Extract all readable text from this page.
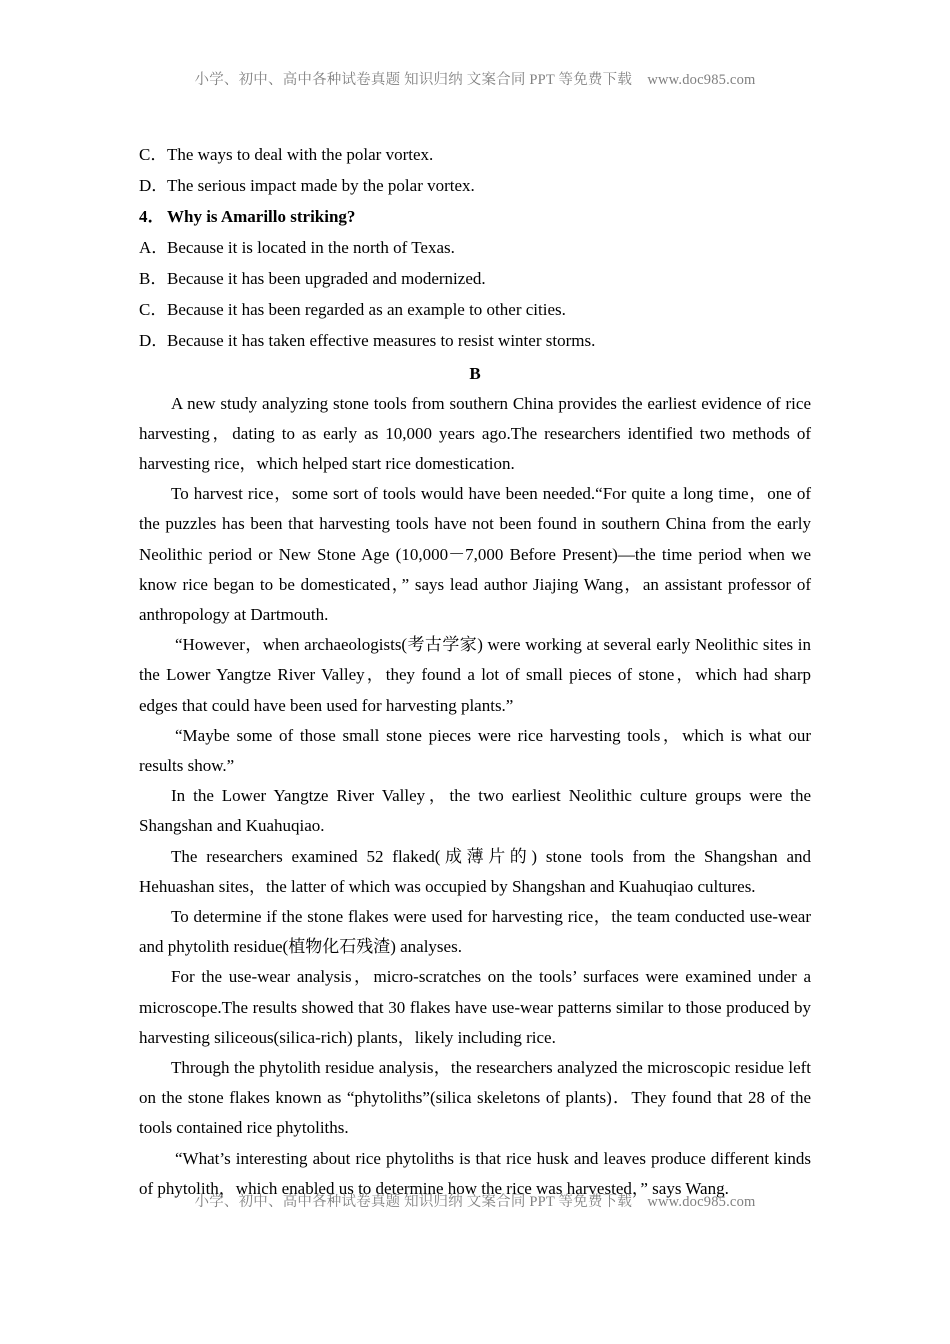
小学、初中、高中各种试卷真题 知识归纳 文案合同 PPT 等免费下载    www.doc985.com
C．The ways to deal with the polar vortex.
D．The serious impact made by the polar vortex.
4． Why is Amarillo striking?
A．Because it is located in the north of Texas.
B．Because it has been upgraded and modernized.
C．Because it has been regarded as an example to other cities.
D．Because it has taken effective measures to resist winter storms.
B

A new study analyzing stone tools from southern China provides the earliest evidence of rice harvesting，dating to as early as 10,000 years ago.The researchers identified two methods of harvesting rice，which helped start rice domestication.

To harvest rice，some sort of tools would have been needed.“For quite a long time，one of the puzzles has been that harvesting tools have not been found in southern China from the early Neolithic period or New Stone Age (10,000－7,000 Before Present)—the time period when we know rice began to be domesticated，” says lead author Jiajing Wang，an assistant professor of anthropology at Dartmouth.

“However，when archaeologists(考古学家) were working at several early Neolithic sites in the Lower Yangtze River Valley，they found a lot of small pieces of stone，which had sharp edges that could have been used for harvesting plants.”

“Maybe some of those small stone pieces were rice harvesting tools，which is what our results show.”

In the Lower Yangtze River Valley，the two earliest Neolithic culture groups were the Shangshan and Kuahuqiao.

The researchers examined 52 flaked(成薄片的) stone tools from the Shangshan and Hehuashan sites，the latter of which was occupied by Shangshan and Kuahuqiao cultures.

To determine if the stone flakes were used for harvesting rice，the team conducted use-wear and phytolith residue(植物化石残渣) analyses.

For the use-wear analysis，micro-scratches on the tools’ surfaces were examined under a microscope.The results showed that 30 flakes have use-wear patterns similar to those produced by harvesting siliceous(silica-rich) plants，likely including rice.

Through the phytolith residue analysis，the researchers analyzed the microscopic residue left on the stone flakes known as “phytoliths”(silica skeletons of plants)．They found that 28 of the tools contained rice phytoliths.

“What’s interesting about rice phytoliths is that rice husk and leaves produce different kinds of phytolith，which enabled us to determine how the rice was harvested，” says Wang.

小学、初中、高中各种试卷真题 知识归纳 文案合同 PPT 等免费下载    www.doc985.com
